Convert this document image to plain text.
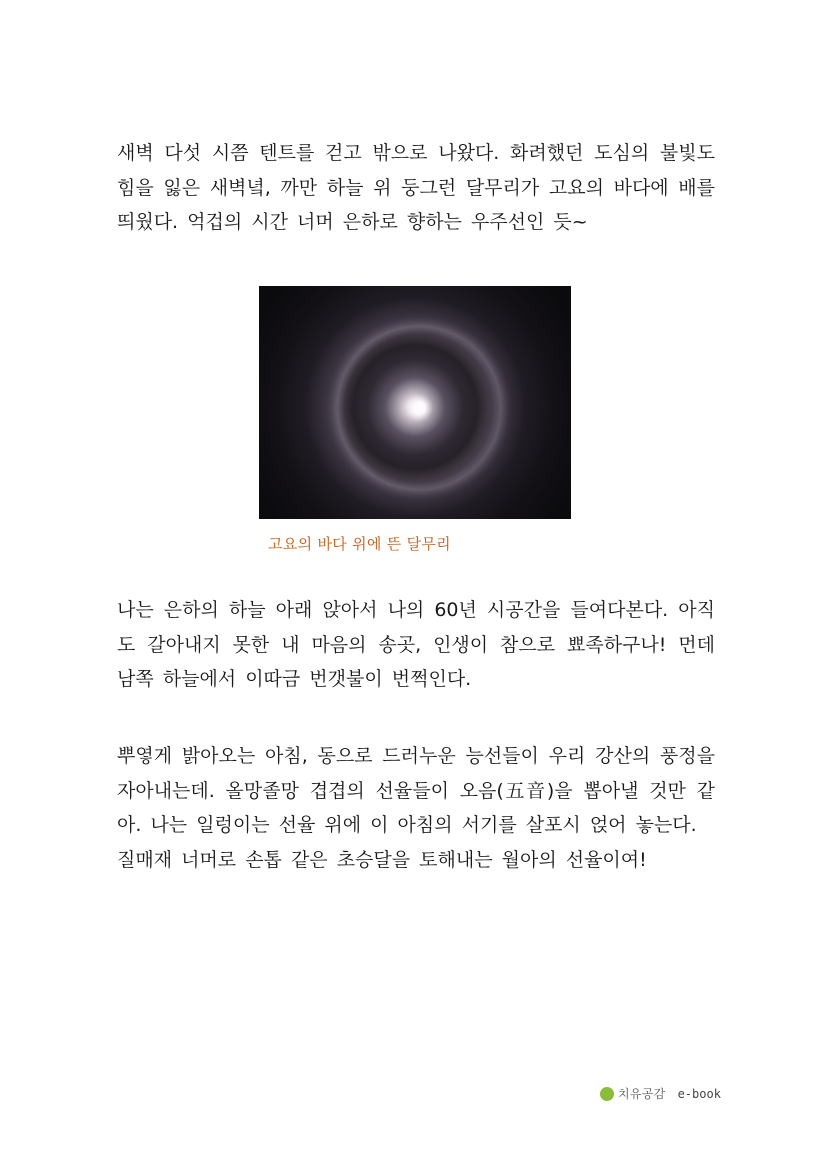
새벽 다섯 시쯤 텐트를 걷고 밖으로 나왔다. 화려했던 도심의 불빛도 힘을 잃은 새벽녘, 까만 하늘 위 둥그런 달무리가 고요의 바다에 배를 띄웠다. 억겁의 시간 너머 은하로 향하는 우주선인 듯~

고요의 바다 위에 뜬 달무리

나는 은하의 하늘 아래 앉아서 나의 60년 시공간을 들여다본다. 아직도 갈아내지 못한 내 마음의 송곳, 인생이 참으로 뾰족하구나! 먼데 남쪽 하늘에서 이따금 번갯불이 번쩍인다.

뿌옇게 밝아오는 아침, 동으로 드러누운 능선들이 우리 강산의 풍정을 자아내는데. 올망졸망 겹겹의 선율들이 오음(五音)을 뽑아낼 것만 같아. 나는 일렁이는 선율 위에 이 아침의 서기를 살포시 얹어 놓는다.
질매재 너머로 손톱 같은 초승달을 토해내는 월아의 선율이여!
치유공감 e-book
